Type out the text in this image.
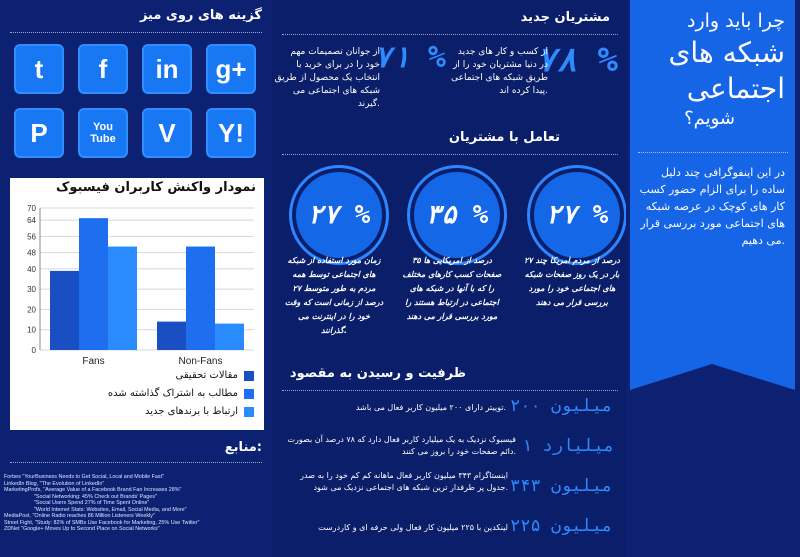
گزینه های روی میز
t	f	in	g+
P	You Tube	V	Y!
نمودار واکنش کاربران فیسبوک
0
10
20
30
40
48
56
64
70
Fans	Non-Fans
مقالات تحقیقی
مطالب به اشتراک گذاشته شده
ارتباط با برندهای جدید
منابع:
Forbes "YourBusiness Needs to Get Social, Local and Mobile Fast"
LinkedIn Blog, "The Evolution of LinkedIn"
MarketingProfs, "Average Value of a Facebook Brand Fan Increases 28%"
"Social Networking: 45% Check out Brands' Pages"
"Social Users Spend 27% of Time Spent Online"
"World Internet Stats: Websites, Email, Social Media, and More"
MediaPost, "Online Radio reaches 86 Million Listeners Weekly"
Street Fight, "Study: 82% of SMBs Use Facebook for Marketing, 25% Use Twitter"
ZDNet "Google+ Moves Up to Second Place on Social Networks"
مشتریان جدید
۷۸ %
از کسب و کار های جدید در دنیا مشتریان خود را از طریق شبکه های اجتماعی پیدا کرده اند.
۷۱ %
از جوانان تصمیمات مهم خود را در برای خرید با انتخاب یک محصول از طریق شبکه های اجتماعی می گیرند.
تعامل با مشتریان
۲۷ %
۲۷ درصد از مردم امریکا چند بار در یک روز صفحات شبکه های اجتماعی خود را مورد بررسی قرار می دهند
۳۵ %
۳۵ درصد از امریکایی ها صفحات کسب کارهای مختلف را که با آنها در شبکه های اجتماعی در ارتباط هستند را مورد بررسی قرار می دهند
۲۷ %
زمان مورد استفاده از شبکه های اجتماعی توسط همه مردم به طور متوسط ۲۷ درصد از زمانی است که وقت خود را در اینترنت می گذرانند.
ظرفیت و رسیدن به مقصود
۲۰۰ میلیون
توییتر دارای ۲۰۰ میلیون کاربر فعال می باشد.
۱ میلیارد
فیسبوک نزدیک به یک میلیارد کاربر فعال دارد که ۷۸ درصد آن بصورت دائم صفحات خود را بروز می کنند.
۳۴۳ میلیون
اینستاگرام ۳۴۳ میلیون کاربر فعال ماهانه کم کم خود را به صدر جدول پر طرفدار ترین شبکه های اجتماعی نزدیک می شود.
۲۲۵ میلیون
لینکدین با ۲۲۵ میلیون کار فعال ولی حرفه ای و کاردرست
چرا باید وارد
شبکه های
اجتماعی
شویم؟
در این اینفوگرافی چند دلیل ساده را برای الزام حضور کسب کار های کوچک در عرصه شبکه های اجتماعی مورد بررسی قرار می دهیم.
